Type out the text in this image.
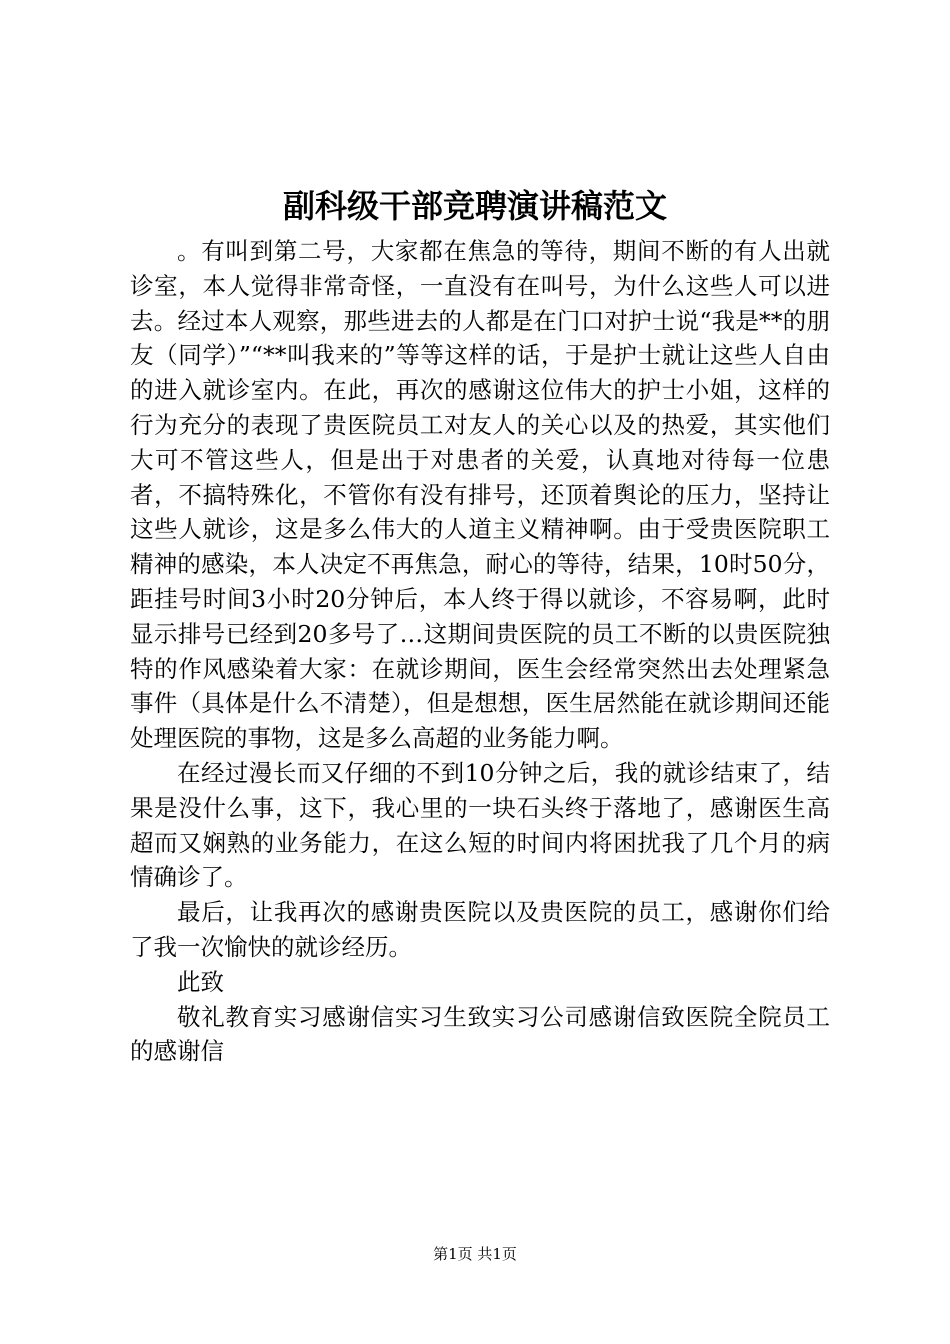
副科级干部竞聘演讲稿范文

。有叫到第二号，大家都在焦急的等待，期间不断的有人出就诊室，本人觉得非常奇怪，一直没有在叫号，为什么这些人可以进去。经过本人观察，那些进去的人都是在门口对护士说“我是**的朋友（同学）”“**叫我来的”等等这样的话，于是护士就让这些人自由的进入就诊室内。在此，再次的感谢这位伟大的护士小姐，这样的行为充分的表现了贵医院员工对友人的关心以及的热爱，其实他们大可不管这些人，但是出于对患者的关爱，认真地对待每一位患者，不搞特殊化，不管你有没有排号，还顶着舆论的压力，坚持让这些人就诊，这是多么伟大的人道主义精神啊。由于受贵医院职工精神的感染，本人决定不再焦急，耐心的等待，结果，10时50分，距挂号时间3小时20分钟后，本人终于得以就诊，不容易啊，此时显示排号已经到20多号了…这期间贵医院的员工不断的以贵医院独特的作风感染着大家：在就诊期间，医生会经常突然出去处理紧急事件（具体是什么不清楚），但是想想，医生居然能在就诊期间还能处理医院的事物，这是多么高超的业务能力啊。

在经过漫长而又仔细的不到10分钟之后，我的就诊结束了，结果是没什么事，这下，我心里的一块石头终于落地了，感谢医生高超而又娴熟的业务能力，在这么短的时间内将困扰我了几个月的病情确诊了。

最后，让我再次的感谢贵医院以及贵医院的员工，感谢你们给了我一次愉快的就诊经历。

此致

敬礼教育实习感谢信实习生致实习公司感谢信致医院全院员工的感谢信

第1页 共1页
